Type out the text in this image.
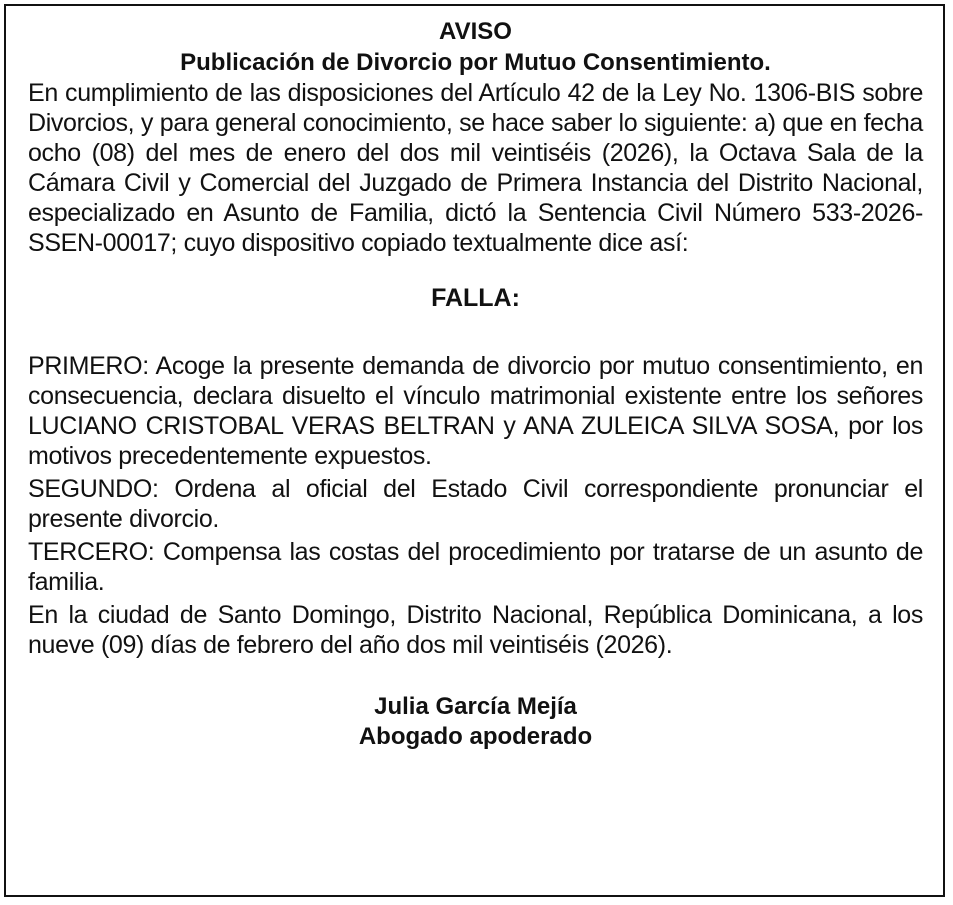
AVISO
Publicación de Divorcio por Mutuo Consentimiento.

En cumplimiento de las disposiciones del Artículo 42 de la Ley No. 1306-BIS sobre Divorcios, y para general conocimiento, se hace saber lo siguiente: a) que en fecha ocho (08) del mes de enero del dos mil veintiséis (2026), la Octava Sala de la Cámara Civil y Comercial del Juzgado de Primera Instancia del Distrito Nacional, especializado en Asunto de Familia, dictó la Sentencia Civil Número 533-2026-SSEN-00017; cuyo dispositivo copiado textualmente dice así:

FALLA:

PRIMERO: Acoge la presente demanda de divorcio por mutuo consentimiento, en consecuencia, declara disuelto el vínculo matrimonial existente entre los señores LUCIANO CRISTOBAL VERAS BELTRAN y ANA ZULEICA SILVA SOSA, por los motivos precedentemente expuestos.

SEGUNDO: Ordena al oficial del Estado Civil correspondiente pronunciar el presente divorcio.

TERCERO: Compensa las costas del procedimiento por tratarse de un asunto de familia.

En la ciudad de Santo Domingo, Distrito Nacional, República Dominicana, a los nueve (09) días de febrero del año dos mil veintiséis (2026).

Julia García Mejía
Abogado apoderado
